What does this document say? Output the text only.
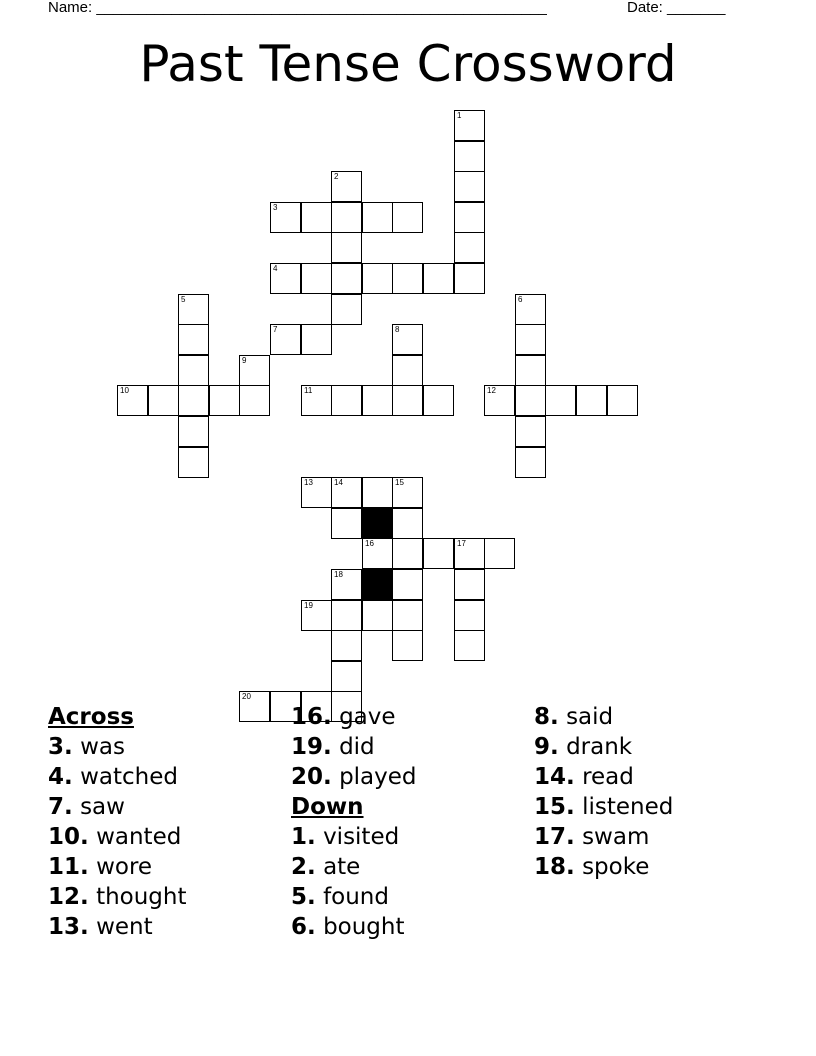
Name: ______________________________________________________	Date: _______
Past Tense Crossword
1
2
3
4
5	6
7	8
9
10	11	12
13	14	15
16	17
18
19
20
Across
3. was
4. watched
7. saw
10. wanted
11. wore
12. thought
13. went
16. gave
19. did
20. played
Down
1. visited
2. ate
5. found
6. bought
8. said
9. drank
14. read
15. listened
17. swam
18. spoke
